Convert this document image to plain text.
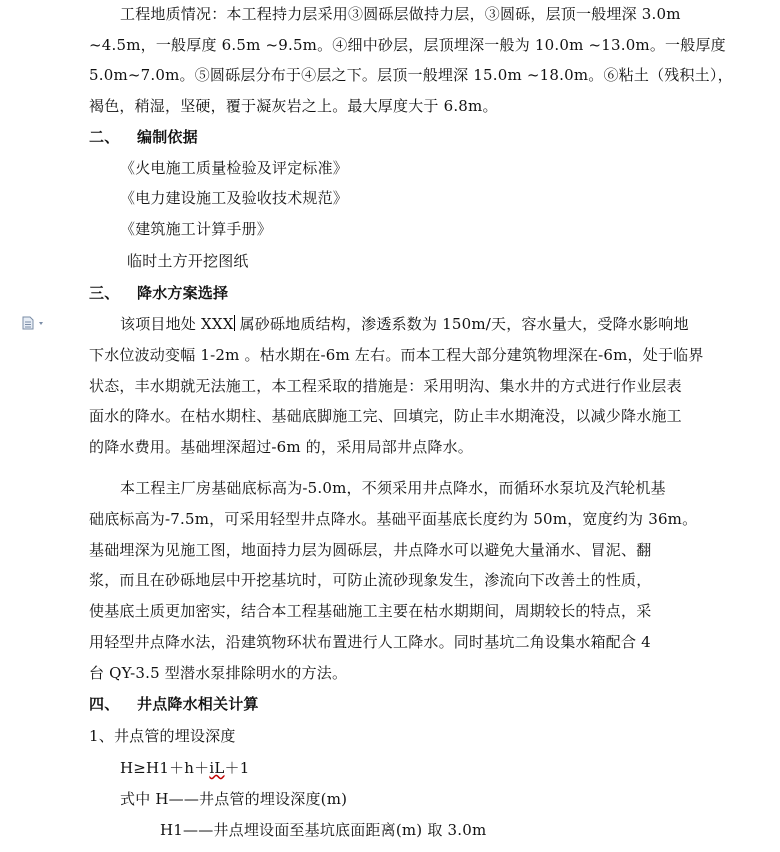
工程地质情况：本工程持力层采用③圆砾层做持力层，③圆砾，层顶一般埋深 3.0m
~4.5m，一般厚度 6.5m ~9.5m。④细中砂层，层顶埋深一般为 10.0m ~13.0m。一般厚度
5.0m~7.0m。⑤圆砾层分布于④层之下。层顶一般埋深 15.0m ~18.0m。⑥粘土（残积土），
褐色，稍湿，坚硬，覆于凝灰岩之上。最大厚度大于 6.8m。
二、 编制依据
《火电施工质量检验及评定标准》
《电力建设施工及验收技术规范》
《建筑施工计算手册》
临时土方开挖图纸
三、 降水方案选择
该项目地处 XXX 属砂砾地质结构，渗透系数为 150m/天，容水量大，受降水影响地
下水位波动变幅 1-2m 。枯水期在-6m 左右。而本工程大部分建筑物埋深在-6m，处于临界
状态，丰水期就无法施工，本工程采取的措施是：采用明沟、集水井的方式进行作业层表
面水的降水。在枯水期柱、基础底脚施工完、回填完，防止丰水期淹没，以减少降水施工
的降水费用。基础埋深超过-6m 的，采用局部井点降水。
本工程主厂房基础底标高为-5.0m，不须采用井点降水，而循环水泵坑及汽轮机基
础底标高为-7.5m，可采用轻型井点降水。基础平面基底长度约为 50m，宽度约为 36m。
基础埋深为见施工图，地面持力层为圆砾层，井点降水可以避免大量涌水、冒泥、翻
浆，而且在砂砾地层中开挖基坑时，可防止流砂现象发生，渗流向下改善土的性质，
使基底土质更加密实，结合本工程基础施工主要在枯水期期间，周期较长的特点，采
用轻型井点降水法，沿建筑物环状布置进行人工降水。同时基坑二角设集水箱配合 4
台 QY-3.5 型潜水泵排除明水的方法。
四、 井点降水相关计算
1、井点管的埋设深度
H≥H1＋h＋iL＋1
式中 H——井点管的埋设深度(m)
H1——井点埋设面至基坑底面距离(m) 取 3.0m
